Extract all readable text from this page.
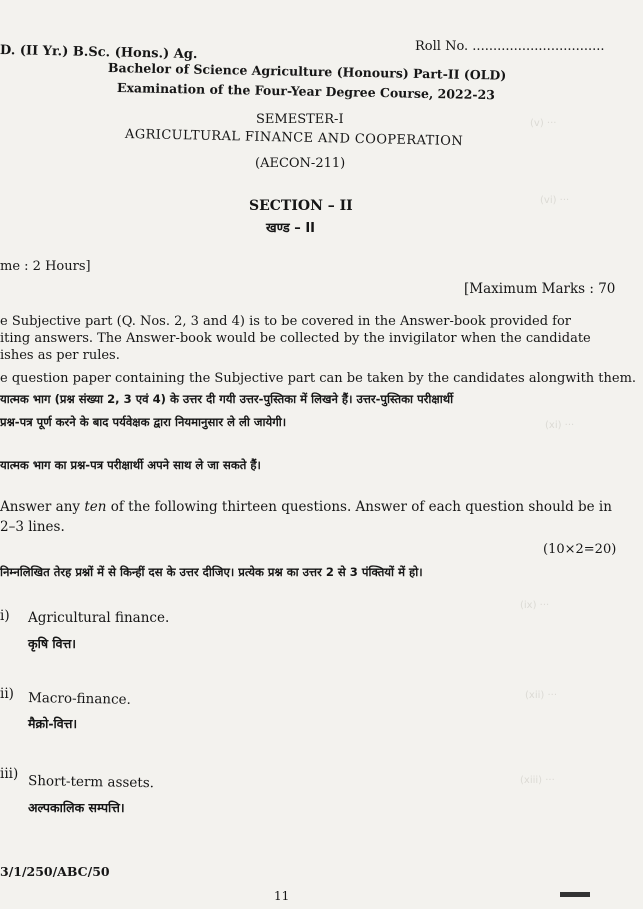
(v) ···
(vi) ···
(xi) ···
(ix) ···
(xii) ···
(xiii) ···
D. (II Yr.) B.Sc. (Hons.) Ag.	Roll No. ................................
Bachelor of Science Agriculture (Honours) Part-II (OLD)
Examination of the Four-Year Degree Course, 2022-23
SEMESTER-I
AGRICULTURAL FINANCE AND COOPERATION
(AECON-211)
SECTION – II
खण्ड – II
me : 2 Hours]
[Maximum Marks : 70
e Subjective part (Q. Nos. 2, 3 and 4) is to be covered in the Answer-book provided for
iting answers. The Answer-book would be collected by the invigilator when the candidate
ishes as per rules.
e question paper containing the Subjective part can be taken by the candidates alongwith them.
यात्मक भाग (प्रश्न संख्या 2, 3 एवं 4) के उत्तर दी गयी उत्तर-पुस्तिका में लिखने हैं। उत्तर-पुस्तिका परीक्षार्थी
प्रश्न-पत्र पूर्ण करने के बाद पर्यवेक्षक द्वारा नियमानुसार ले ली जायेगी।
यात्मक भाग का प्रश्न-पत्र परीक्षार्थी अपने साथ ले जा सकते हैं।
Answer any ten of the following thirteen questions. Answer of each question should be in
2–3 lines.
(10×2=20)
निम्नलिखित तेरह प्रश्नों में से किन्हीं दस के उत्तर दीजिए। प्रत्येक प्रश्न का उत्तर 2 से 3 पंक्तियों में हो।
i) Agricultural finance.
कृषि वित्त।
ii) Macro-finance.
मैक्रो-वित्त।
iii) Short-term assets.
अल्पकालिक सम्पत्ति।
3/1/250/ABC/50
11
